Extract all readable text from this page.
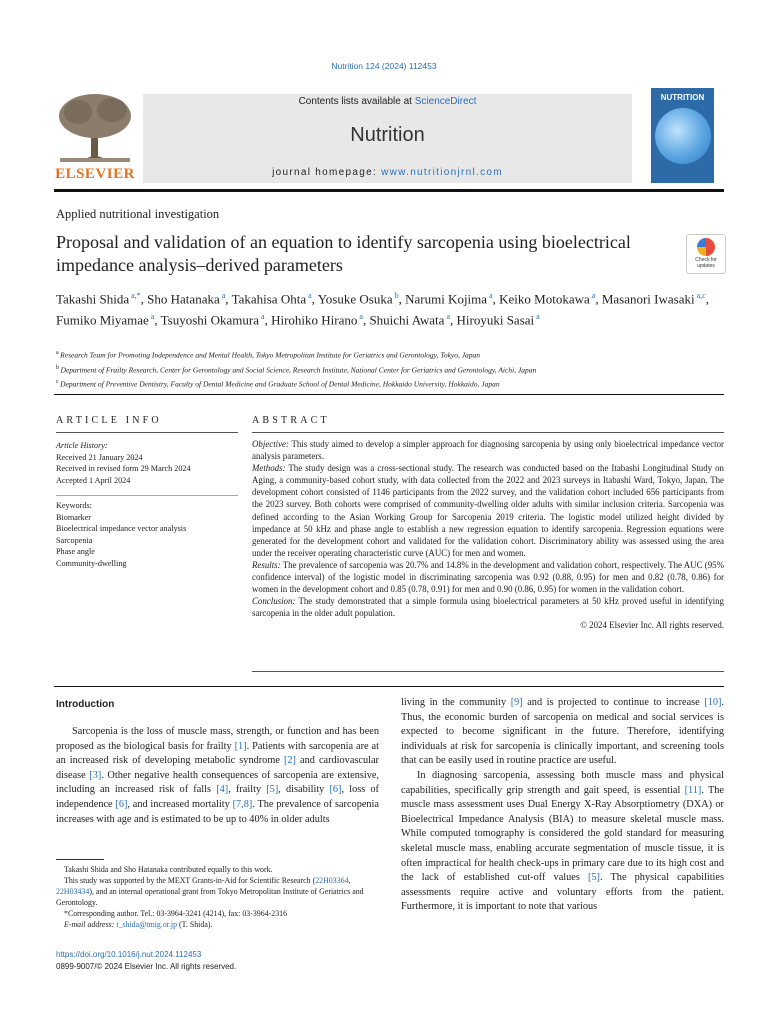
Nutrition 124 (2024) 112453
ELSEVIER
Contents lists available at ScienceDirect
Nutrition
journal homepage: www.nutritionjrnl.com
NUTRITION
Applied nutritional investigation
Proposal and validation of an equation to identify sarcopenia using bioelectrical impedance analysis–derived parameters	Check for updates
Takashi Shida $^{a,*}$, Sho Hatanaka $^a$, Takahisa Ohta $^a$, Yosuke Osuka $^b$, Narumi Kojima $^a$, Keiko Motokawa $^a$, Masanori Iwasaki $^{a,c}$, Fumiko Miyamae $^a$, Tsuyoshi Okamura $^a$, Hirohiko Hirano $^a$, Shuichi Awata $^a$, Hiroyuki Sasai $^a$
$^a$ Research Team for Promoting Independence and Mental Health, Tokyo Metropolitan Institute for Geriatrics and Gerontology, Tokyo, Japan
$^b$ Department of Frailty Research, Center for Gerontology and Social Science, Research Institute, National Center for Geriatrics and Gerontology, Aichi, Japan
$^c$ Department of Preventive Dentistry, Faculty of Dental Medicine and Graduate School of Dental Medicine, Hokkaido University, Hokkaido, Japan
ARTICLE INFO	ABSTRACT
Article History:
Received 21 January 2024
Received in revised form 29 March 2024
Accepted 1 April 2024
Keywords:
Biomarker
Bioelectrical impedance vector analysis
Sarcopenia
Phase angle
Community-dwelling

Objective: This study aimed to develop a simpler approach for diagnosing sarcopenia by using only bioelectrical impedance vector analysis parameters.

Methods: The study design was a cross-sectional study. The research was conducted based on the Itabashi Longitudinal Study on Aging, a community-based cohort study, with data collected from the 2022 and 2023 surveys in Itabashi Ward, Tokyo, Japan. The development cohort consisted of 1146 participants from the 2022 survey, and the validation cohort included 656 participants from the 2023 survey. Both cohorts were comprised of community-dwelling older adults with similar inclusion criteria. Sarcopenia was defined according to the Asian Working Group for Sarcopenia 2019 criteria. The logistic model utilized height divided by impedance at 50 kHz and phase angle to establish a new regression equation to identify sarcopenia. Regression equations were generated for the development cohort and validated for the validation cohort. Discriminatory ability was assessed using the area under the receiver operating characteristic curve (AUC) for men and women.

Results: The prevalence of sarcopenia was 20.7% and 14.8% in the development and validation cohort, respectively. The AUC (95% confidence interval) of the logistic model in discriminating sarcopenia was 0.92 (0.88, 0.95) for men and 0.82 (0.78, 0.86) for women in the development cohort and 0.85 (0.78, 0.91) for men and 0.90 (0.86, 0.95) for women in the validation cohort.

Conclusion: The study demonstrated that a simple formula using bioelectrical parameters at 50 kHz proved useful in identifying sarcopenia in the older adult population.

© 2024 Elsevier Inc. All rights reserved.

Introduction

Sarcopenia is the loss of muscle mass, strength, or function and has been proposed as the biological basis for frailty [1]. Patients with sarcopenia are at an increased risk of developing metabolic syndrome [2] and cardiovascular disease [3]. Other negative health consequences of sarcopenia are extensive, including an increased risk of falls [4], frailty [5], disability [6], loss of independence [6], and increased mortality [7,8]. The prevalence of sarcopenia increases with age and is estimated to be up to 40% in older adults

living in the community [9] and is projected to continue to increase [10]. Thus, the economic burden of sarcopenia on medical and social services is expected to become significant in the future. Therefore, identifying individuals at risk for sarcopenia is clinically important, and screening tools that can be easily used in routine practice are useful.

In diagnosing sarcopenia, assessing both muscle mass and physical capabilities, specifically grip strength and gait speed, is essential [11]. The muscle mass assessment uses Dual Energy X-Ray Absorptiometry (DXA) or Bioelectrical Impedance Analysis (BIA) to measure skeletal muscle mass. While computed tomography is considered the gold standard for measuring skeletal muscle mass, enabling accurate segmentation of muscle tissue, it is often impractical for health check-ups in primary care due to its high cost and the lack of established cut-off values [5]. The physical capabilities assessments require active and voluntary efforts from the patient. Furthermore, it is important to note that various

Takashi Shida and Sho Hatanaka contributed equally to this work.

This study was supported by the MEXT Grants-in-Aid for Scientific Research (22H03364, 22H03434), and an internal operational grant from Tokyo Metropolitan Institute of Geriatrics and Gerontology.

*Corresponding author. Tel.: 03-3964-3241 (4214), fax: 03-3964-2316

E-mail address: t_shida@tmig.or.jp (T. Shida).

https://doi.org/10.1016/j.nut.2024.112453
0899-9007/© 2024 Elsevier Inc. All rights reserved.
